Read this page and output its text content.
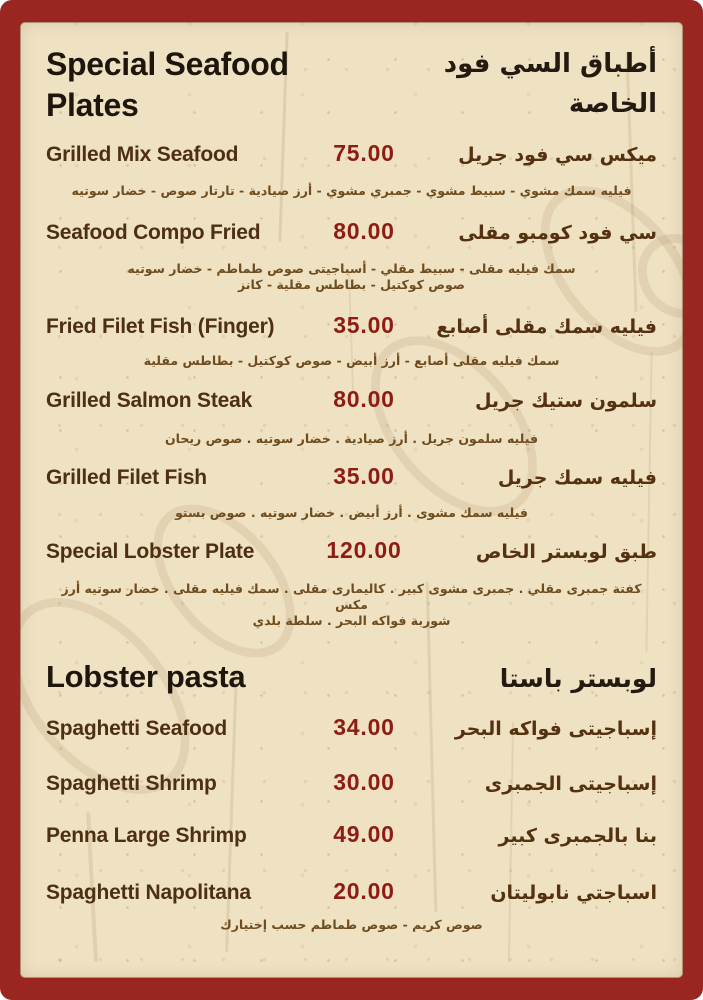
Special Seafood
Plates
أطباق السي فود
الخاصة
Grilled Mix Seafood	75.00	ميكس سي فود جريل
فيليه سمك مشوي - سبيط مشوي - جمبري مشوي - أرز صيادية - تارتار صوص - خضار سوتيه
Seafood Compo Fried	80.00	سي فود كومبو مقلى
سمك فيليه مقلى - سبيط مقلي - أسباجيتى صوص طماطم - خضار سوتيه
صوص كوكتيل - بطاطس مقلية - كانز
Fried Filet Fish (Finger)	35.00	فيليه سمك مقلى أصابع
سمك فيليه مقلى أصابع - أرز أبيض - صوص كوكتيل - بطاطس مقلية
Grilled Salmon Steak	80.00	سلمون ستيك جريل
فيليه سلمون جريل . أرز صيادية . خضار سوتيه . صوص ريحان
Grilled Filet Fish	35.00	فيليه سمك جريل
فيليه سمك مشوى . أرز أبيض . خضار سوتيه . صوص بستو
Special Lobster Plate	120.00	طبق لوبستر الخاص
كفتة جمبرى مقلي . جمبرى مشوى كبير . كاليمارى مقلى . سمك فيليه مقلى . خضار سوتيه أرز مكس
شوربة فواكه البحر . سلطة بلدي
Lobster pasta	لوبستر باستا
Spaghetti Seafood	34.00	إسباجيتى فواكه البحر
Spaghetti Shrimp	30.00	إسباجيتى الجمبرى
Penna Large Shrimp	49.00	بنا بالجمبرى كبير
Spaghetti Napolitana	20.00	اسباجتي نابوليتان
صوص كريم - صوص طماطم حسب إختيارك
